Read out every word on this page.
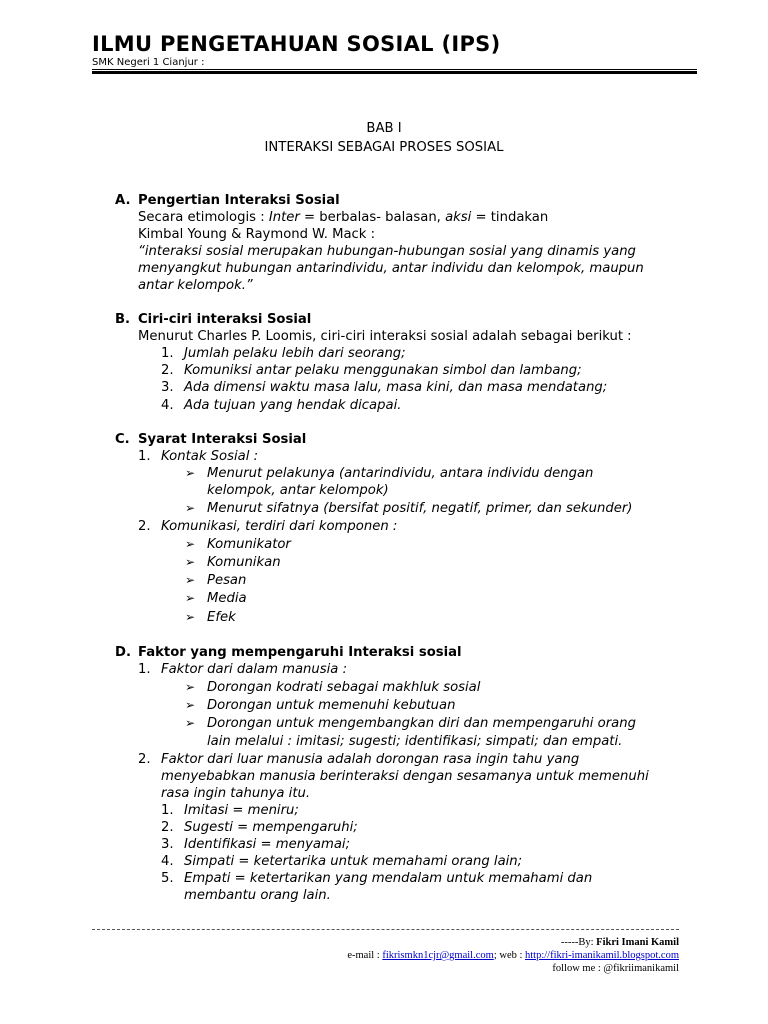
ILMU PENGETAHUAN SOSIAL (IPS)
SMK Negeri 1 Cianjur :
BAB I
INTERAKSI SEBAGAI PROSES SOSIAL
A. Pengertian Interaksi Sosial
Secara etimologis : Inter = berbalas- balasan, aksi = tindakan
Kimbal Young & Raymond W. Mack :
“interaksi sosial merupakan hubungan-hubungan sosial yang dinamis yang
menyangkut hubungan antarindividu, antar individu dan kelompok, maupun
antar kelompok.”
B. Ciri-ciri interaksi Sosial
Menurut Charles P. Loomis, ciri-ciri interaksi sosial adalah sebagai berikut :
1. Jumlah pelaku lebih dari seorang;
2. Komuniksi antar pelaku menggunakan simbol dan lambang;
3. Ada dimensi waktu masa lalu, masa kini, dan masa mendatang;
4. Ada tujuan yang hendak dicapai.
C. Syarat Interaksi Sosial
1. Kontak Sosial :
➢ Menurut pelakunya (antarindividu, antara individu dengan
kelompok, antar kelompok)
➢ Menurut sifatnya (bersifat positif, negatif, primer, dan sekunder)
2. Komunikasi, terdiri dari komponen :
➢ Komunikator
➢ Komunikan
➢ Pesan
➢ Media
➢ Efek
D. Faktor yang mempengaruhi Interaksi sosial
1. Faktor dari dalam manusia :
➢ Dorongan kodrati sebagai makhluk sosial
➢ Dorongan untuk memenuhi kebutuan
➢ Dorongan untuk mengembangkan diri dan mempengaruhi orang
lain melalui : imitasi; sugesti; identifikasi; simpati; dan empati.
2. Faktor dari luar manusia adalah dorongan rasa ingin tahu yang
menyebabkan manusia berinteraksi dengan sesamanya untuk memenuhi
rasa ingin tahunya itu.
1. Imitasi = meniru;
2. Sugesti = mempengaruhi;
3. Identifikasi = menyamai;
4. Simpati = ketertarika untuk memahami orang lain;
5. Empati = ketertarikan yang mendalam untuk memahami dan
membantu orang lain.
-----By: Fikri Imani Kamil
e-mail : fikrismkn1cjr@gmail.com; web : http://fikri-imanikamil.blogspot.com
follow me : @fikriimanikamil
